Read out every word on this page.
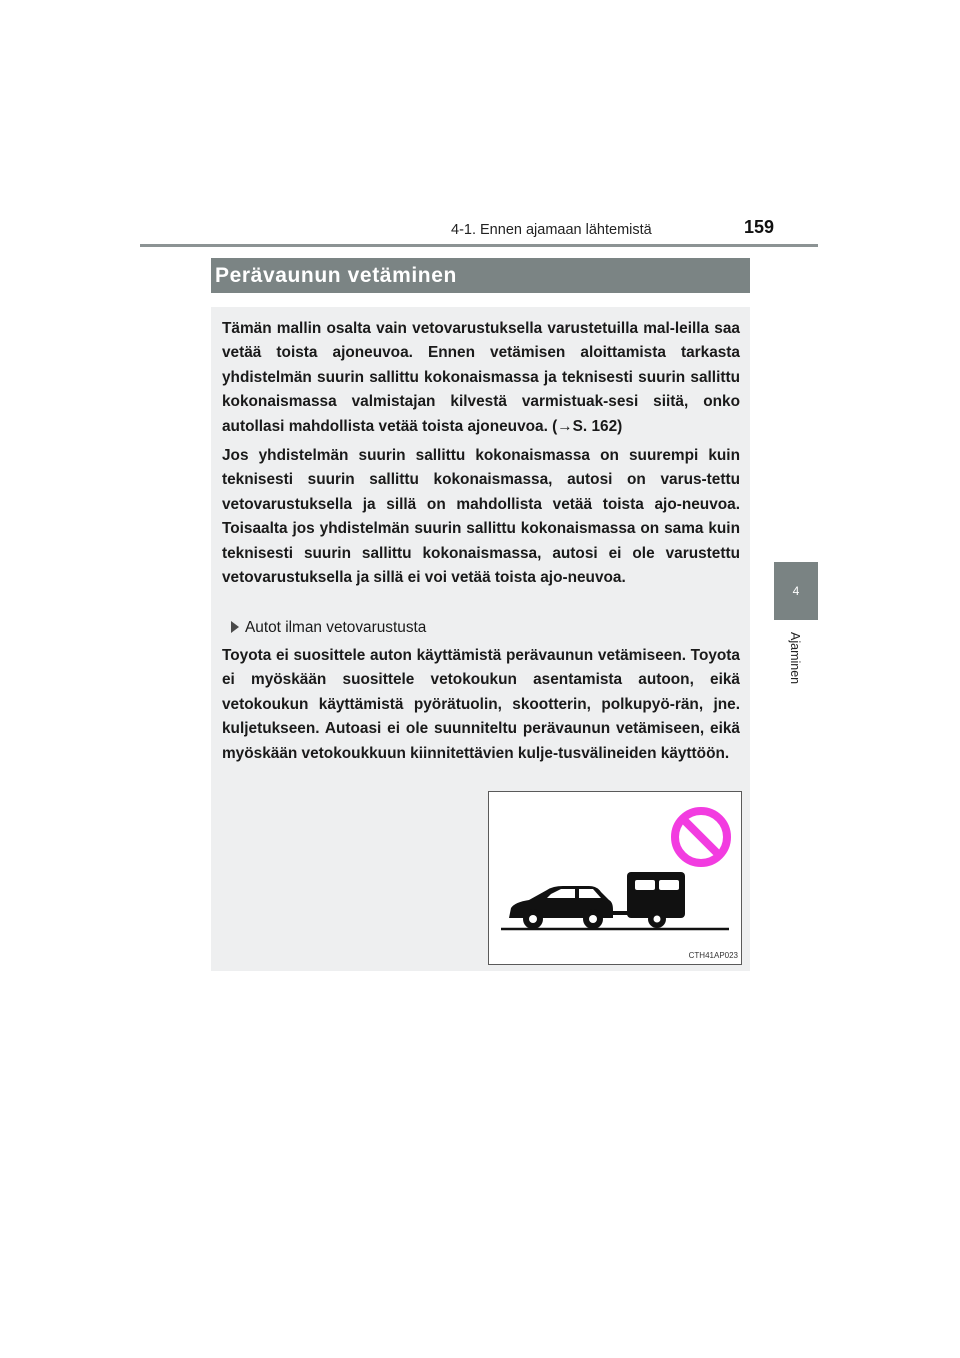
4-1. Ennen ajamaan lähtemistä	159
4
Ajaminen
Perävaunun vetäminen

Tämän mallin osalta vain vetovarustuksella varustetuilla mal-leilla saa vetää toista ajoneuvoa. Ennen vetämisen aloittamista tarkasta yhdistelmän suurin sallittu kokonaismassa ja teknisesti suurin sallittu kokonaismassa valmistajan kilvestä varmistuak-sesi siitä, onko autollasi mahdollista vetää toista ajoneuvoa. (→S. 162)

Jos yhdistelmän suurin sallittu kokonaismassa on suurempi kuin teknisesti suurin sallittu kokonaismassa, autosi on varus-tettu vetovarustuksella ja sillä on mahdollista vetää toista ajo-neuvoa. Toisaalta jos yhdistelmän suurin sallittu kokonaismassa on sama kuin teknisesti suurin sallittu kokonaismassa, autosi ei ole varustettu vetovarustuksella ja sillä ei voi vetää toista ajo-neuvoa.

Autot ilman vetovarustusta

Toyota ei suosittele auton käyttämistä perävaunun vetämiseen. Toyota ei myöskään suosittele vetokoukun asentamista autoon, eikä vetokoukun käyttämistä pyörätuolin, skootterin, polkupyö-rän, jne. kuljetukseen. Autoasi ei ole suunniteltu perävaunun vetämiseen, eikä myöskään vetokoukkuun kiinnitettävien kulje-tusvälineiden käyttöön.

CTH41AP023
